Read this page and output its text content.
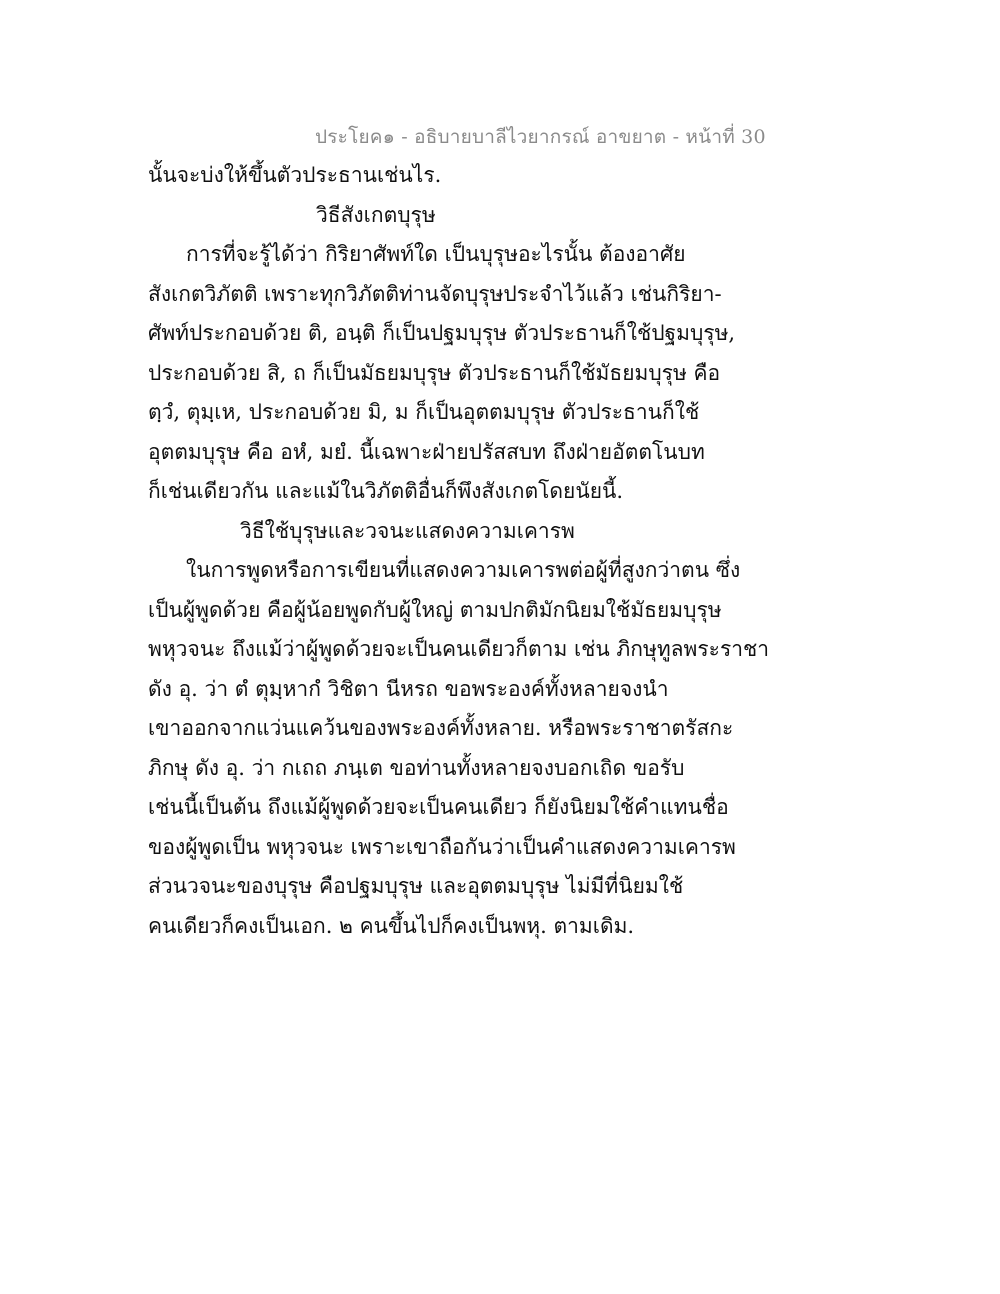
ประโยค๑ - อธิบายบาลีไวยากรณ์ อาขยาต - หน้าที่ 30
นั้นจะบ่งให้ขึ้นตัวประธานเช่นไร.
วิธีสังเกตบุรุษ
การที่จะรู้ได้ว่า กิริยาศัพท์ใด เป็นบุรุษอะไรนั้น ต้องอาศัย
สังเกตวิภัตติ เพราะทุกวิภัตติท่านจัดบุรุษประจำไว้แล้ว เช่นกิริยา-
ศัพท์ประกอบด้วย ติ, อนฺติ ก็เป็นปฐมบุรุษ ตัวประธานก็ใช้ปฐมบุรุษ,
ประกอบด้วย สิ, ถ ก็เป็นมัธยมบุรุษ ตัวประธานก็ใช้มัธยมบุรุษ คือ
ตฺวํ, ตุมฺเห, ประกอบด้วย มิ, ม ก็เป็นอุตตมบุรุษ ตัวประธานก็ใช้
อุตตมบุรุษ คือ อหํ, มยํ. นี้เฉพาะฝ่ายปรัสสบท ถึงฝ่ายอัตตโนบท
ก็เช่นเดียวกัน และแม้ในวิภัตติอื่นก็พึงสังเกตโดยนัยนี้.
วิธีใช้บุรุษและวจนะแสดงความเคารพ
ในการพูดหรือการเขียนที่แสดงความเคารพต่อผู้ที่สูงกว่าตน ซึ่ง
เป็นผู้พูดด้วย คือผู้น้อยพูดกับผู้ใหญ่ ตามปกติมักนิยมใช้มัธยมบุรุษ
พหุวจนะ ถึงแม้ว่าผู้พูดด้วยจะเป็นคนเดียวก็ตาม เช่น ภิกษุทูลพระราชา
ดัง อุ. ว่า ตํ ตุมฺหากํ วิชิตา นีหรถ ขอพระองค์ทั้งหลายจงนำ
เขาออกจากแว่นแคว้นของพระองค์ทั้งหลาย. หรือพระราชาตรัสกะ
ภิกษุ ดัง อุ. ว่า กเถถ ภนฺเต ขอท่านทั้งหลายจงบอกเถิด ขอรับ
เช่นนี้เป็นต้น ถึงแม้ผู้พูดด้วยจะเป็นคนเดียว ก็ยังนิยมใช้คำแทนชื่อ
ของผู้พูดเป็น พหุวจนะ เพราะเขาถือกันว่าเป็นคำแสดงความเคารพ
ส่วนวจนะของบุรุษ คือปฐมบุรุษ และอุตตมบุรุษ ไม่มีที่นิยมใช้
คนเดียวก็คงเป็นเอก. ๒ คนขึ้นไปก็คงเป็นพหุ. ตามเดิม.
